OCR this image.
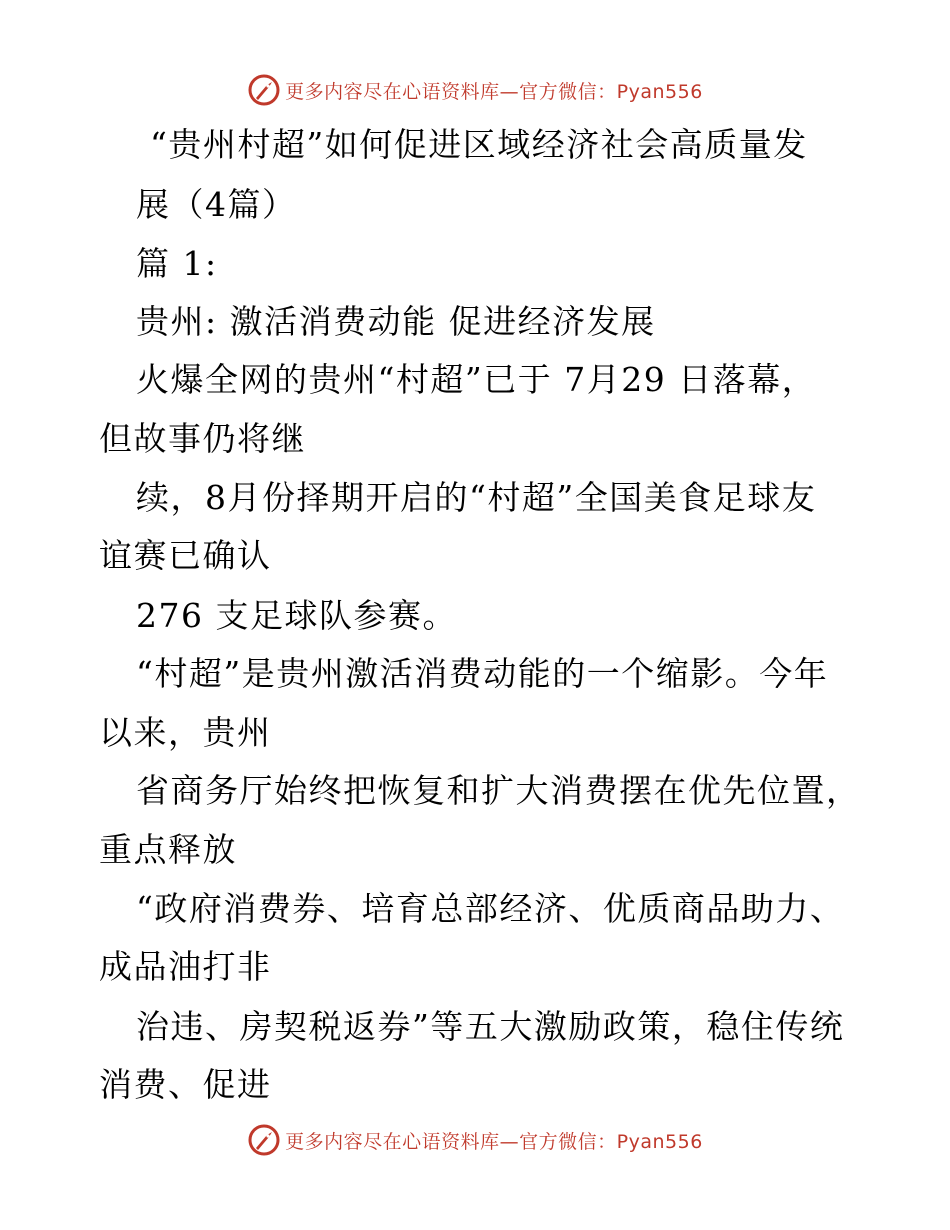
更多内容尽在心语资料库—官方微信：Pyan556
“贵州村超”如何促进区域经济社会高质量发
展（4篇）
篇 1:
贵州: 激活消费动能 促进经济发展
火爆全网的贵州“村超”已于 7月29 日落幕，
但故事仍将继
续，8月份择期开启的“村超”全国美食足球友
谊赛已确认
276 支足球队参赛。
“村超”是贵州激活消费动能的一个缩影。今年
以来，贵州
省商务厅始终把恢复和扩大消费摆在优先位置，
重点释放
“政府消费券、培育总部经济、优质商品助力、
成品油打非
治违、房契税返券”等五大激励政策，稳住传统
消费、促进
更多内容尽在心语资料库—官方微信：Pyan556
